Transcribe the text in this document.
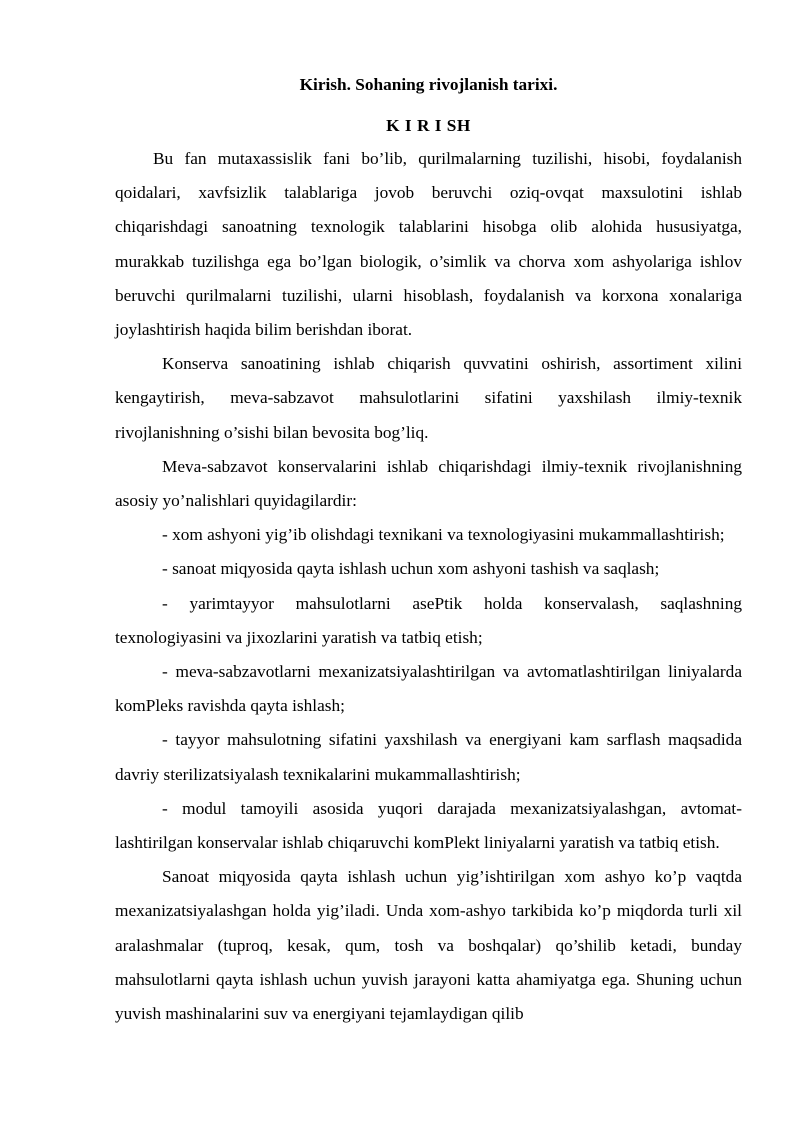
Kirish. Sohaning rivojlanish tarixi.
K I R I SH

Bu fan mutaxassislik fani bo’lib, qurilmalarning tuzilishi, hisobi, foydalanish qoidalari, xavfsizlik talablariga jovob beruvchi oziq-ovqat maxsulotini ishlab chiqarishdagi sanoatning texnologik talablarini hisobga olib alohida hususiyatga, murakkab tuzilishga ega bo’lgan biologik, o’simlik va chorva xom ashyolariga ishlov beruvchi qurilmalarni tuzilishi, ularni hisoblash, foydalanish va korxona xonalariga joylashtirish haqida bilim berishdan iborat.

Konserva sanoatining ishlab chiqarish quvvatini oshirish, assortiment xilini kengaytirish, meva-sabzavot mahsulotlarini sifatini yaxshilash ilmiy-texnik rivojlanishning o’sishi bilan bevosita bog’liq.

Meva-sabzavot konservalarini ishlab chiqarishdagi ilmiy-texnik rivojlanishning asosiy yo’nalishlari quyidagilardir:

- xom ashyoni yig’ib olishdagi texnikani va texnologiyasini mukammallashtirish;

- sanoat miqyosida qayta ishlash uchun xom ashyoni tashish va saqlash;

- yarimtayyor mahsulotlarni asePtik holda konservalash, saqlashning texnologiyasini va jixozlarini yaratish va tatbiq etish;

- meva-sabzavotlarni mexanizatsiyalashtirilgan va avtomatlashtirilgan liniyalarda komPleks ravishda qayta ishlash;

- tayyor mahsulotning sifatini yaxshilash va energiyani kam sarflash maqsadida davriy sterilizatsiyalash texnikalarini mukammallashtirish;

- modul tamoyili asosida yuqori darajada mexanizatsiyalashgan, avtomat-lashtirilgan konservalar ishlab chiqaruvchi komPlekt liniyalarni yaratish va tatbiq etish.

Sanoat miqyosida qayta ishlash uchun yig’ishtirilgan xom ashyo ko’p vaqtda mexanizatsiyalashgan holda yig’iladi. Unda xom-ashyo tarkibida ko’p miqdorda turli xil aralashmalar (tuproq, kesak, qum, tosh va boshqalar) qo’shilib ketadi, bunday mahsulotlarni qayta ishlash uchun yuvish jarayoni katta ahamiyatga ega. Shuning uchun yuvish mashinalarini suv va energiyani tejamlaydigan qilib
